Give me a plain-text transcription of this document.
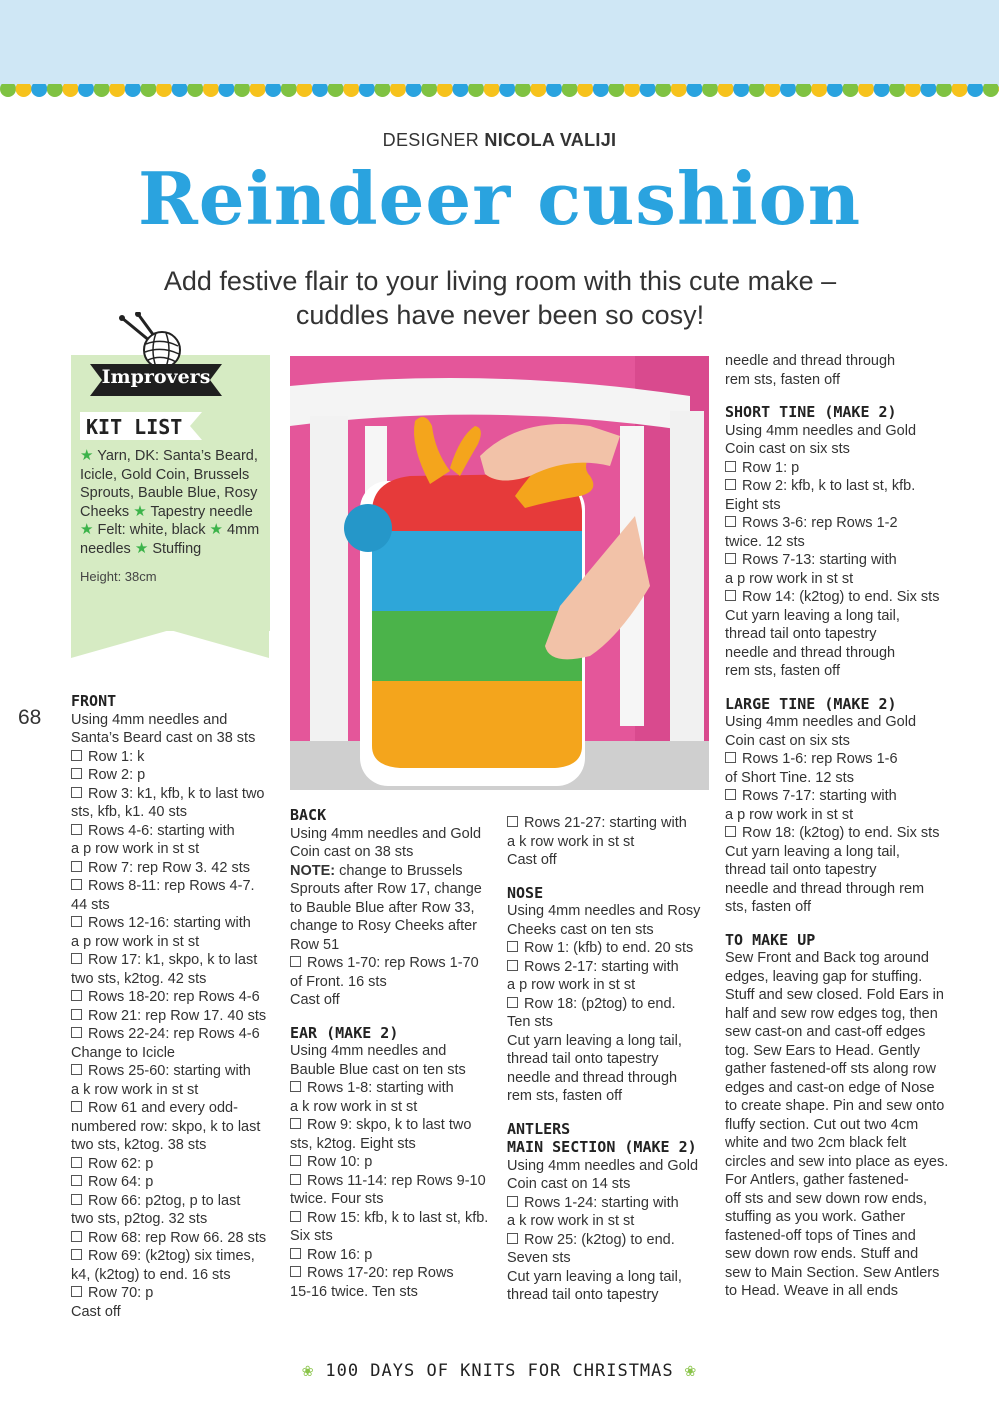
DESIGNER NICOLA VALIJI
Reindeer cushion
Add festive flair to your living room with this cute make – cuddles have never been so cosy!
Improvers
KIT LIST
★ Yarn, DK: Santa’s Beard, Icicle, Gold Coin, Brussels Sprouts, Bauble Blue, Rosy Cheeks ★ Tapestry needle ★ Felt: white, black ★ 4mm needles ★ Stuffing
Height: 38cm
68
FRONT
Using 4mm needles and
Santa’s Beard cast on 38 sts
Row 1: k
Row 2: p
Row 3: k1, kfb, k to last two
sts, kfb, k1. 40 sts
Rows 4-6: starting with
a p row work in st st
Row 7: rep Row 3. 42 sts
Rows 8-11: rep Rows 4-7.
44 sts
Rows 12-16: starting with
a p row work in st st
Row 17: k1, skpo, k to last
two sts, k2tog. 42 sts
Rows 18-20: rep Rows 4-6
Row 21: rep Row 17. 40 sts
Rows 22-24: rep Rows 4-6
Change to Icicle
Rows 25-60: starting with
a k row work in st st
Row 61 and every odd-
numbered row: skpo, k to last
two sts, k2tog. 38 sts
Row 62: p
Row 64: p
Row 66: p2tog, p to last
two sts, p2tog. 32 sts
Row 68: rep Row 66. 28 sts
Row 69: (k2tog) six times,
k4, (k2tog) to end. 16 sts
Row 70: p
Cast off
BACK
Using 4mm needles and Gold
Coin cast on 38 sts
NOTE: change to Brussels
Sprouts after Row 17, change
to Bauble Blue after Row 33,
change to Rosy Cheeks after
Row 51
Rows 1-70: rep Rows 1-70
of Front. 16 sts
Cast off
EAR (MAKE 2)
Using 4mm needles and
Bauble Blue cast on ten sts
Rows 1-8: starting with
a k row work in st st
Row 9: skpo, k to last two
sts, k2tog. Eight sts
Row 10: p
Rows 11-14: rep Rows 9-10
twice. Four sts
Row 15: kfb, k to last st, kfb.
Six sts
Row 16: p
Rows 17-20: rep Rows
15-16 twice. Ten sts
Rows 21-27: starting with
a k row work in st st
Cast off
NOSE
Using 4mm needles and Rosy
Cheeks cast on ten sts
Row 1: (kfb) to end. 20 sts
Rows 2-17: starting with
a p row work in st st
Row 18: (p2tog) to end.
Ten sts
Cut yarn leaving a long tail,
thread tail onto tapestry
needle and thread through
rem sts, fasten off
ANTLERS
MAIN SECTION (MAKE 2)
Using 4mm needles and Gold
Coin cast on 14 sts
Rows 1-24: starting with
a k row work in st st
Row 25: (k2tog) to end.
Seven sts
Cut yarn leaving a long tail,
thread tail onto tapestry
needle and thread through
rem sts, fasten off
SHORT TINE (MAKE 2)
Using 4mm needles and Gold
Coin cast on six sts
Row 1: p
Row 2: kfb, k to last st, kfb.
Eight sts
Rows 3-6: rep Rows 1-2
twice. 12 sts
Rows 7-13: starting with
a p row work in st st
Row 14: (k2tog) to end. Six sts
Cut yarn leaving a long tail,
thread tail onto tapestry
needle and thread through
rem sts, fasten off
LARGE TINE (MAKE 2)
Using 4mm needles and Gold
Coin cast on six sts
Rows 1-6: rep Rows 1-6
of Short Tine. 12 sts
Rows 7-17: starting with
a p row work in st st
Row 18: (k2tog) to end. Six sts
Cut yarn leaving a long tail,
thread tail onto tapestry
needle and thread through rem
sts, fasten off
TO MAKE UP
Sew Front and Back tog around
edges, leaving gap for stuffing.
Stuff and sew closed. Fold Ears in
half and sew row edges tog, then
sew cast-on and cast-off edges
tog. Sew Ears to Head. Gently
gather fastened-off sts along row
edges and cast-on edge of Nose
to create shape. Pin and sew onto
fluffy section. Cut out two 4cm
white and two 2cm black felt
circles and sew into place as eyes.
For Antlers, gather fastened-
off sts and sew down row ends,
stuffing as you work. Gather
fastened-off tops of Tines and
sew down row ends. Stuff and
sew to Main Section. Sew Antlers
to Head. Weave in all ends
❀ 100 DAYS OF KNITS FOR CHRISTMAS ❀
